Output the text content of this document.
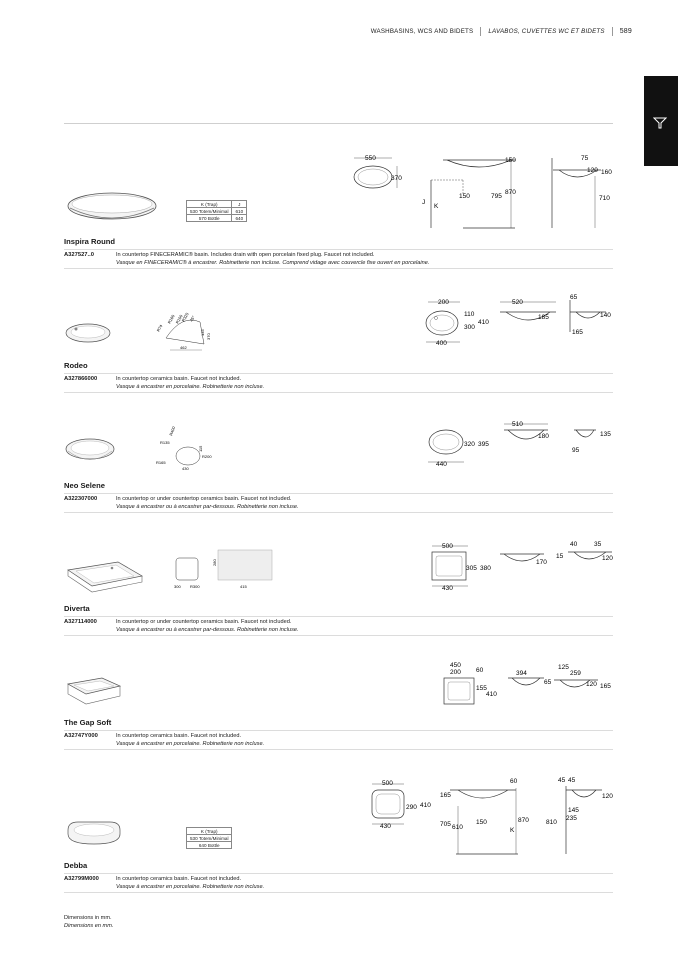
WASHBASINS, WCS AND BIDETS LAVABOS, CUVETTES WC ET BIDETS 589
K (Trap)	J
530 Totem/Minimal	610
570 Bottle	640
550
370
150
795
870
150
J
K
75
120 160
710
Inspira Round
A327527..0	In countertop FINECERAMIC® basin. Includes drain with open porcelain fixed plug. Faucet not included.
Vasque en FINECERAMIC® à encastrer. Robinetterie non incluse. Comprend vidage avec couvercle fixe ouvert en porcelaine.
R74
R160
R100
R325
45°
135
370
462
200
110
300
410
400
520
185
65
140
165
Rodeo
A327866000	In countertop ceramics basin. Faucet not included.
Vasque à encastrer en porcelaine. Robinetterie non incluse.
R400
R135
115
R200
R165
430
320 395
440
510
180	135
95
Neo Selene
A322307000	In countertop or under countertop ceramics basin. Faucet not included.
Vasque à encastrer ou à encastrer par-dessous. Robinetterie non incluse.
300 R300	415
280
500
305 380
430
170
40	35
15	120
Diverta
A327114000	In countertop or under countertop ceramics basin. Faucet not included.
Vasque à encastrer ou à encastrer par-dessous. Robinetterie non incluse.
450
200 60
155
410
394
125
259
65	120 165
The Gap Soft
A32747Y000	In countertop ceramics basin. Faucet not included.
Vasque à encastrer en porcelaine. Robinetterie non incluse.
K (Trap)
530 Totem/Minimal
640 Bottle
500
290 410
430
60
165
150	870
705 610	K
45 45
120
145
235
810
Debba
A32799M000	In countertop ceramics basin. Faucet not included.
Vasque à encastrer en porcelaine. Robinetterie non incluse.
Dimensions in mm.
Dimensions en mm.
